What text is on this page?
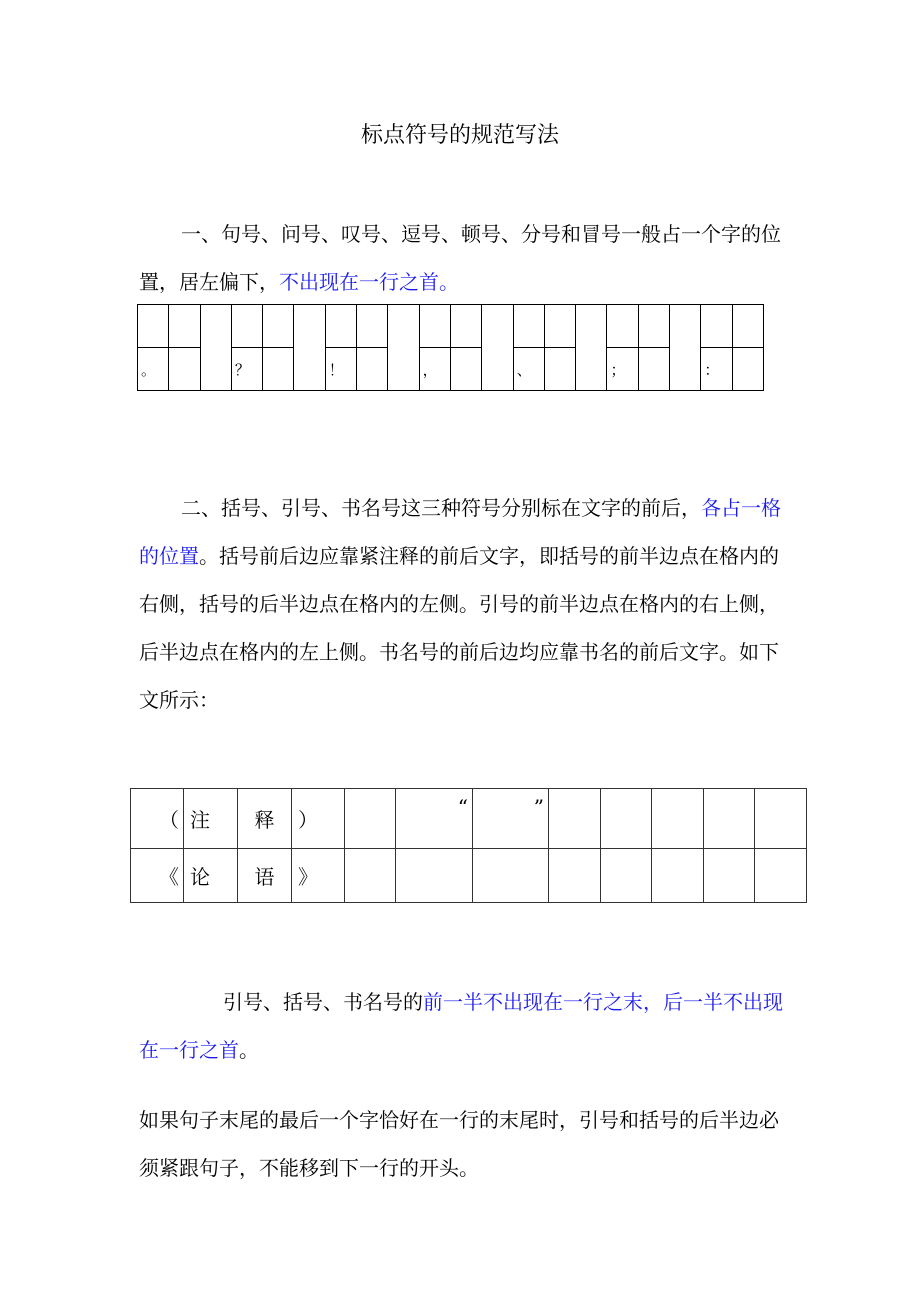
标点符号的规范写法
一、句号、问号、叹号、逗号、顿号、分号和冒号一般占一个字的位置，居左偏下，不出现在一行之首。

。			？			！			，			、			；			：	
二、括号、引号、书名号这三种符号分别标在文字的前后，各占一格的位置。括号前后边应靠紧注释的前后文字，即括号的前半边点在格内的右侧，括号的后半边点在格内的左侧。引号的前半边点在格内的右上侧，后半边点在格内的左上侧。书名号的前后边均应靠书名的前后文字。如下文所示：
（	注	释	）		“	”					
《	论	语	》								
引号、括号、书名号的前一半不出现在一行之末，后一半不出现在一行之首。
如果句子末尾的最后一个字恰好在一行的末尾时，引号和括号的后半边必须紧跟句子，不能移到下一行的开头。
